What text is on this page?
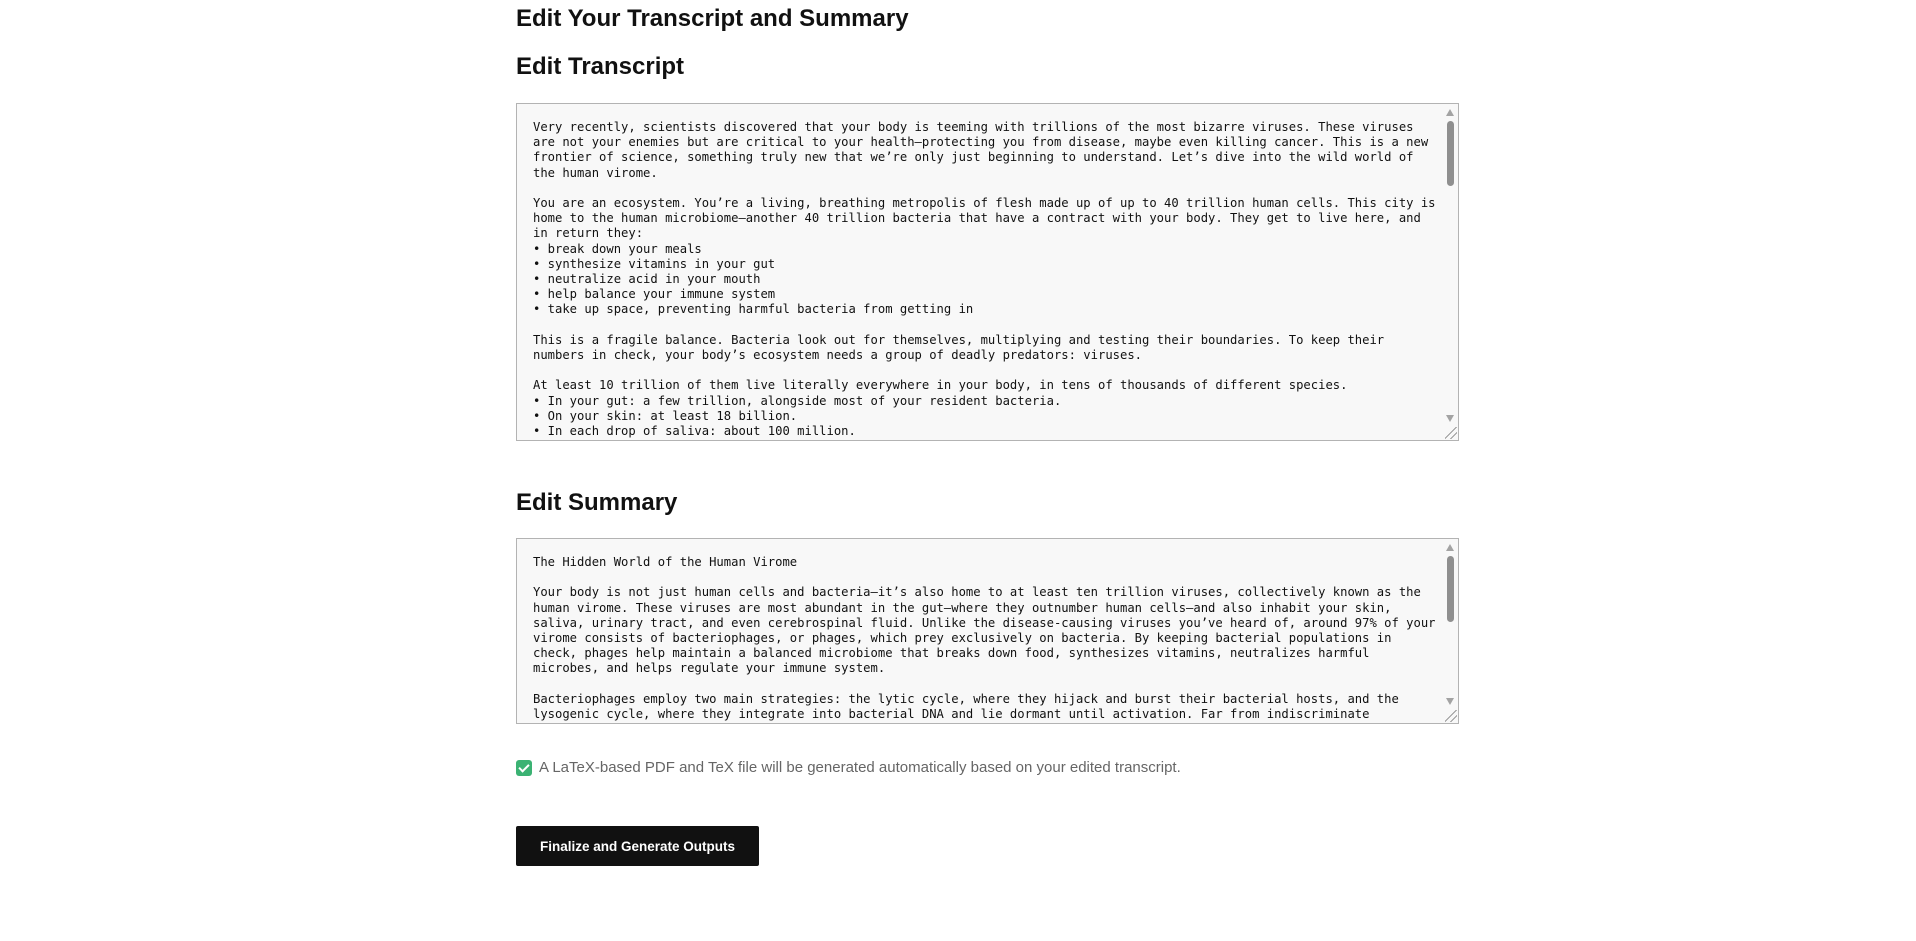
Edit Your Transcript and Summary
Edit Transcript
Very recently, scientists discovered that your body is teeming with trillions of the most bizarre viruses. These viruses are not your enemies but are critical to your health—protecting you from disease, maybe even killing cancer. This is a new frontier of science, something truly new that we’re only just beginning to understand. Let’s dive into the wild world of the human virome.

You are an ecosystem. You’re a living, breathing metropolis of flesh made up of up to 40 trillion human cells. This city is home to the human microbiome—another 40 trillion bacteria that have a contract with your body. They get to live here, and in return they:
• break down your meals
• synthesize vitamins in your gut
• neutralize acid in your mouth
• help balance your immune system
• take up space, preventing harmful bacteria from getting in

This is a fragile balance. Bacteria look out for themselves, multiplying and testing their boundaries. To keep their numbers in check, your body’s ecosystem needs a group of deadly predators: viruses.

At least 10 trillion of them live literally everywhere in your body, in tens of thousands of different species.
• In your gut: a few trillion, alongside most of your resident bacteria.
• On your skin: at least 18 billion.
• In each drop of saliva: about 100 million.
Edit Summary
The Hidden World of the Human Virome

Your body is not just human cells and bacteria—it’s also home to at least ten trillion viruses, collectively known as the human virome. These viruses are most abundant in the gut—where they outnumber human cells—and also inhabit your skin, saliva, urinary tract, and even cerebrospinal fluid. Unlike the disease-causing viruses you’ve heard of, around 97% of your virome consists of bacteriophages, or phages, which prey exclusively on bacteria. By keeping bacterial populations in check, phages help maintain a balanced microbiome that breaks down food, synthesizes vitamins, neutralizes harmful microbes, and helps regulate your immune system.

Bacteriophages employ two main strategies: the lytic cycle, where they hijack and burst their bacterial hosts, and the lysogenic cycle, where they integrate into bacterial DNA and lie dormant until activation. Far from indiscriminate
A LaTeX-based PDF and TeX file will be generated automatically based on your edited transcript.
Finalize and Generate Outputs
